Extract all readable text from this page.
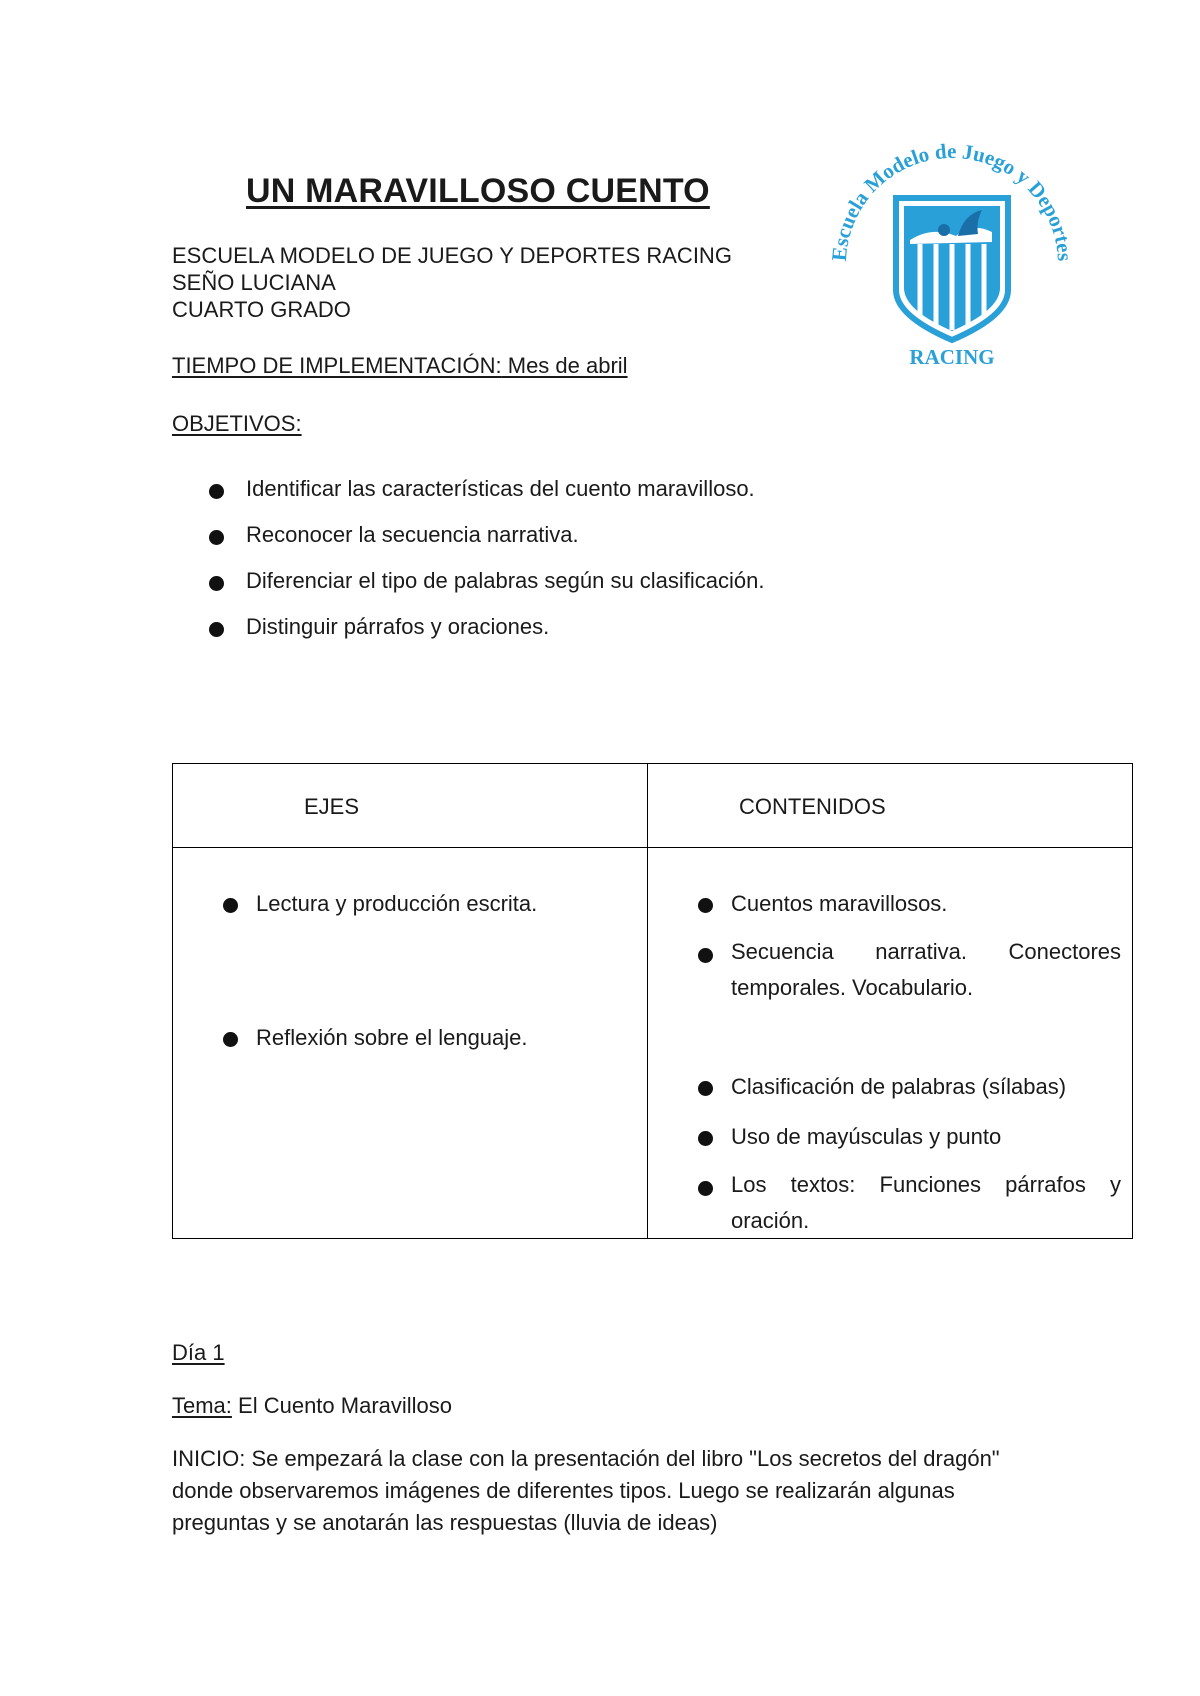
UN MARAVILLOSO CUENTO
ESCUELA MODELO DE JUEGO Y DEPORTES RACING
SEÑO LUCIANA
CUARTO GRADO
TIEMPO DE IMPLEMENTACIÓN: Mes de abril
OBJETIVOS:
Identificar las características del cuento maravilloso.
Reconocer la secuencia narrativa.
Diferenciar el tipo de palabras según su clasificación.
Distinguir párrafos y oraciones.
cuela Modelo de Juego y Depor
RACING
EJES	CONTENIDOS
Lectura y producción escrita.
Reflexión sobre el lenguaje.
Cuentos maravillosos.
Secuencia narrativa. Conectores temporales. Vocabulario.
Clasificación de palabras (sílabas)
Uso de mayúsculas y punto
Los textos: Funciones párrafos y oración.
Día 1
Tema: El Cuento Maravilloso
INICIO: Se empezará la clase con la presentación del libro "Los secretos del dragón" donde observaremos imágenes de diferentes tipos. Luego se realizarán algunas preguntas y se anotarán las respuestas (lluvia de ideas)
